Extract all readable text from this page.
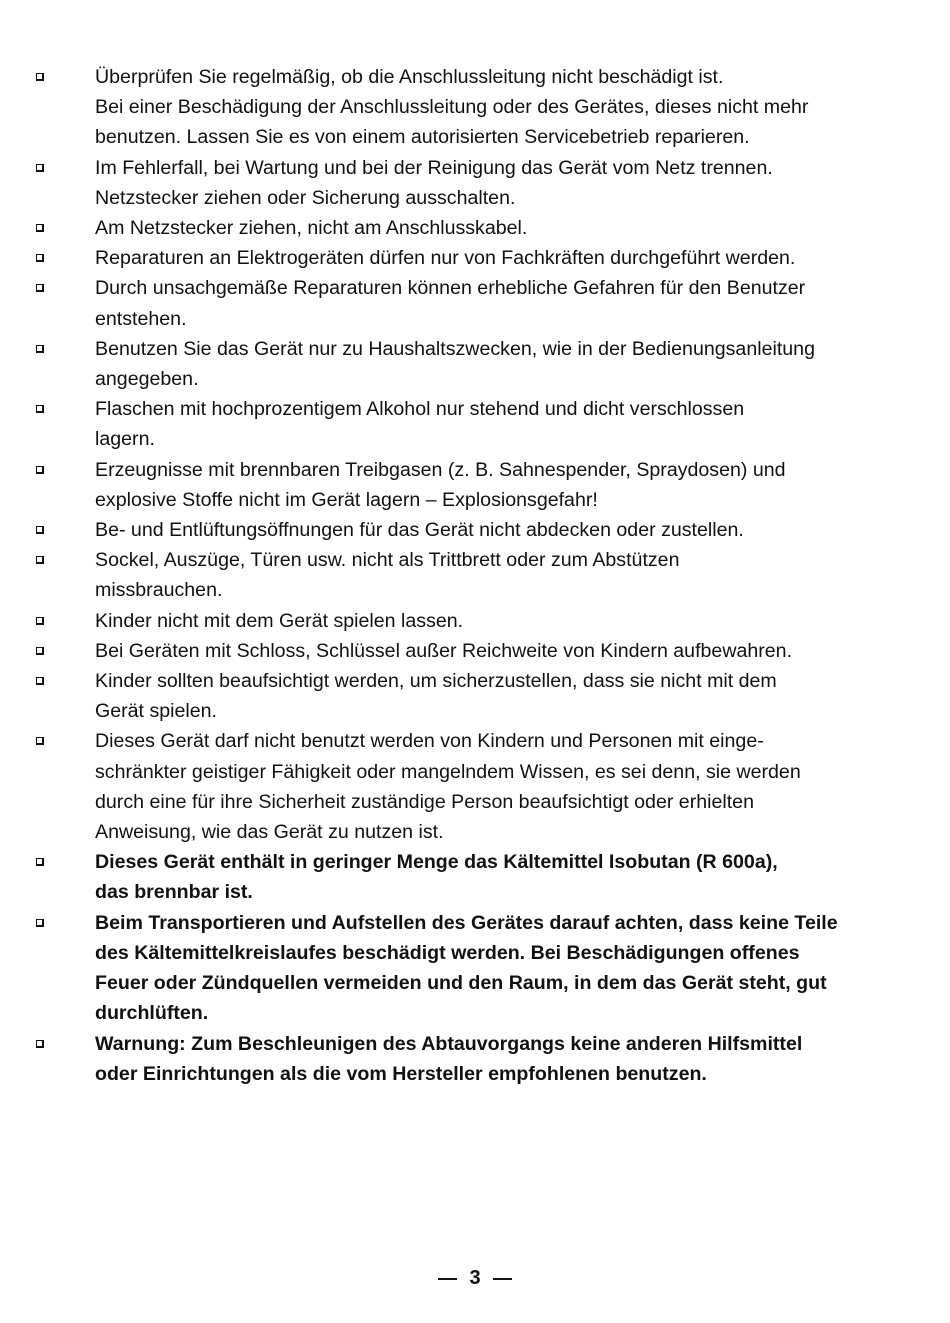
Überprüfen Sie regelmäßig, ob die Anschlussleitung nicht beschädigt ist.
Bei einer Beschädigung der Anschlussleitung oder des Gerätes, dieses nicht mehr
benutzen. Lassen Sie es von einem autorisierten Servicebetrieb reparieren.
Im Fehlerfall, bei Wartung und bei der Reinigung das Gerät vom Netz trennen.
Netzstecker ziehen oder Sicherung ausschalten.
Am Netzstecker ziehen, nicht am Anschlusskabel.
Reparaturen an Elektrogeräten dürfen nur von Fachkräften durchgeführt werden.
Durch unsachgemäße Reparaturen können erhebliche Gefahren für den Benutzer
entstehen.
Benutzen Sie das Gerät nur zu Haushaltszwecken, wie in der Bedienungsanleitung
angegeben.
Flaschen mit hochprozentigem Alkohol nur stehend und dicht verschlossen
lagern.
Erzeugnisse mit brennbaren Treibgasen (z. B. Sahnespender, Spraydosen) und
explosive Stoffe nicht im Gerät lagern – Explosionsgefahr!
Be- und Entlüftungsöffnungen für das Gerät nicht abdecken oder zustellen.
Sockel, Auszüge, Türen usw. nicht als Trittbrett oder zum Abstützen
missbrauchen.
Kinder nicht mit dem Gerät spielen lassen.
Bei Geräten mit Schloss, Schlüssel außer Reichweite von Kindern aufbewahren.
Kinder sollten beaufsichtigt werden, um sicherzustellen, dass sie nicht mit dem
Gerät spielen.
Dieses Gerät darf nicht benutzt werden von Kindern und Personen mit einge-
schränkter geistiger Fähigkeit oder mangelndem Wissen, es sei denn, sie werden
durch eine für ihre Sicherheit zuständige Person beaufsichtigt oder erhielten
Anweisung, wie das Gerät zu nutzen ist.
Dieses Gerät enthält in geringer Menge das Kältemittel Isobutan (R 600a),
das brennbar ist.
Beim Transportieren und Aufstellen des Gerätes darauf achten, dass keine Teile
des Kältemittelkreislaufes beschädigt werden. Bei Beschädigungen offenes
Feuer oder Zündquellen vermeiden und den Raum, in dem das Gerät steht, gut
durchlüften.
Warnung: Zum Beschleunigen des Abtauvorgangs keine anderen Hilfsmittel
oder Einrichtungen als die vom Hersteller empfohlenen benutzen.
3
